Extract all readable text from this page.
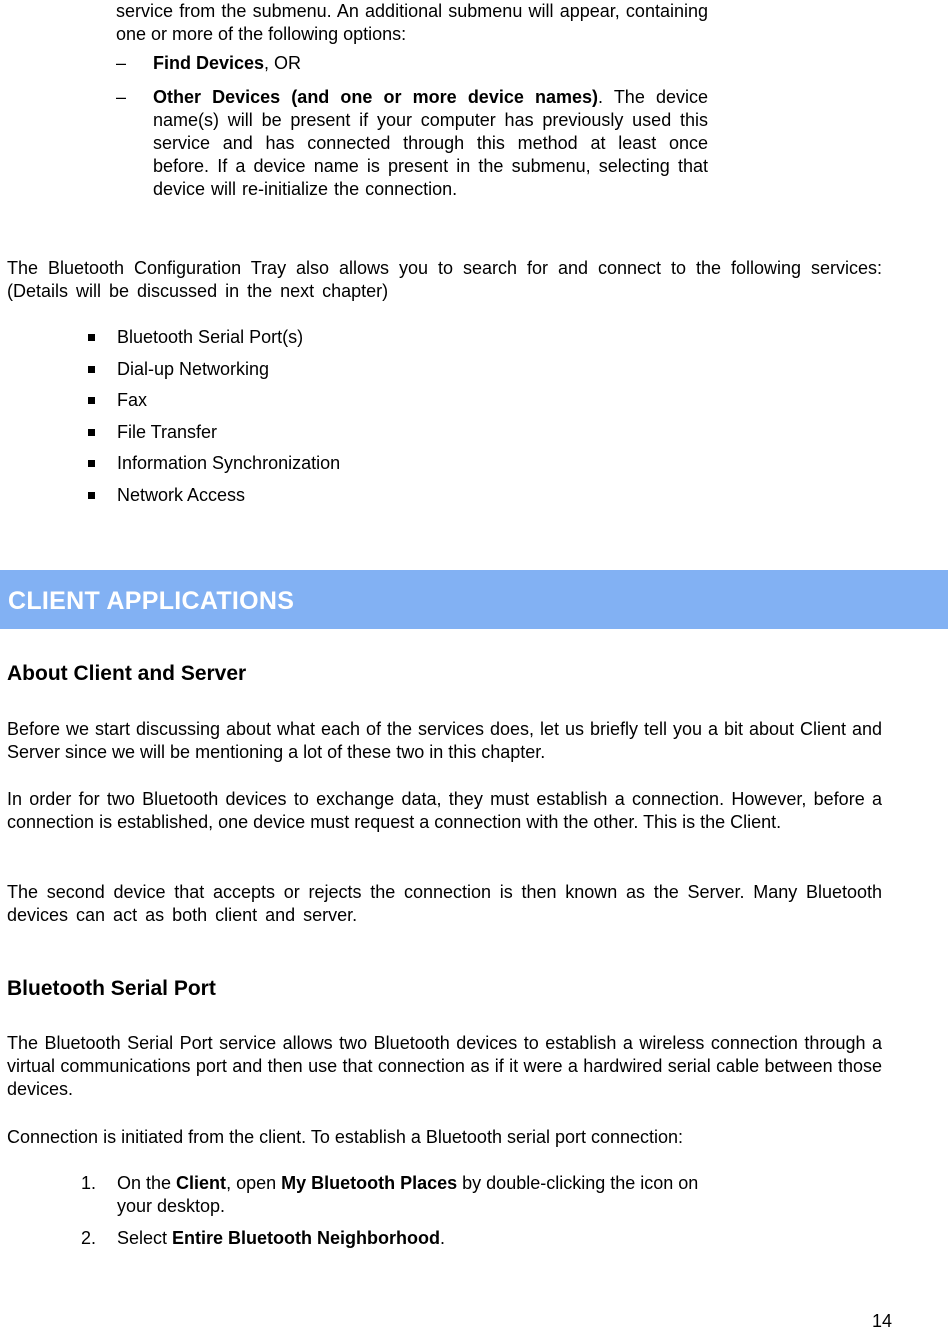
service from the submenu. An additional submenu will appear, containing one or more of the following options:
– Find Devices, OR
– Other Devices (and one or more device names). The device name(s) will be present if your computer has previously used this service and has connected through this method at least once before. If a device name is present in the submenu, selecting that device will re-initialize the connection.
The Bluetooth Configuration Tray also allows you to search for and connect to the following services: (Details will be discussed in the next chapter)
Bluetooth Serial Port(s)
Dial-up Networking
Fax
File Transfer
Information Synchronization
Network Access
CLIENT APPLICATIONS
About Client and Server
Before we start discussing about what each of the services does, let us briefly tell you a bit about Client and Server since we will be mentioning a lot of these two in this chapter.
In order for two Bluetooth devices to exchange data, they must establish a connection. However, before a connection is established, one device must request a connection with the other. This is the Client.
The second device that accepts or rejects the connection is then known as the Server. Many Bluetooth devices can act as both client and server.
Bluetooth Serial Port
The Bluetooth Serial Port service allows two Bluetooth devices to establish a wireless connection through a virtual communications port and then use that connection as if it were a hardwired serial cable between those devices.
Connection is initiated from the client. To establish a Bluetooth serial port connection:
1. On the Client, open My Bluetooth Places by double-clicking the icon on your desktop.
2. Select Entire Bluetooth Neighborhood.
14
